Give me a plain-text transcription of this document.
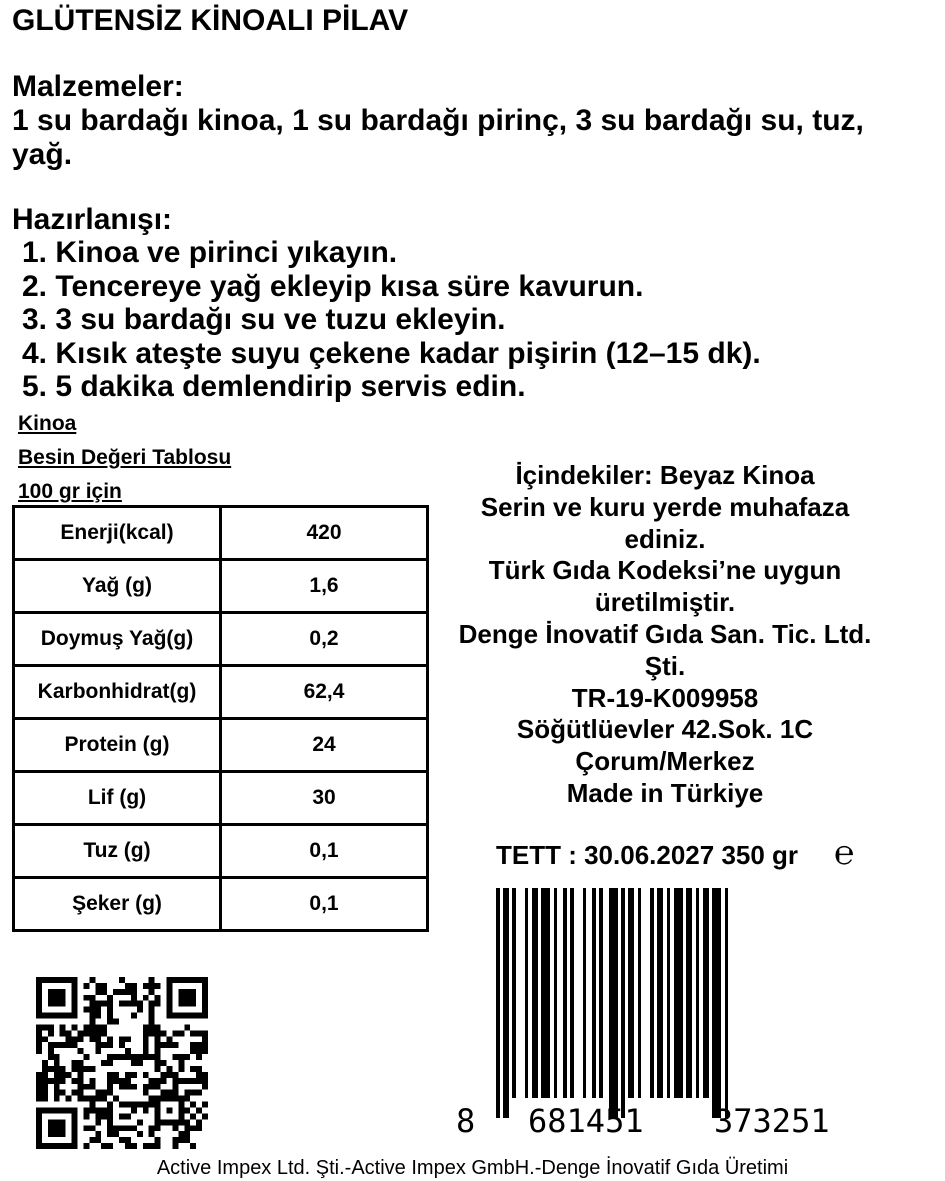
GLÜTENSİZ KİNOALI PİLAV
Malzemeler:
1 su bardağı kinoa, 1 su bardağı pirinç, 3 su bardağı su, tuz, yağ.
Hazırlanışı:
1. Kinoa ve pirinci yıkayın.
2. Tencereye yağ ekleyip kısa süre kavurun.
3. 3 su bardağı su ve tuzu ekleyin.
4. Kısık ateşte suyu çekene kadar pişirin (12–15 dk).
5. 5 dakika demlendirip servis edin.
Kinoa
Besin Değeri Tablosu
100 gr için
Enerji(kcal)	420
Yağ (g)	1,6
Doymuş Yağ(g)	0,2
Karbonhidrat(g)	62,4
Protein (g)	24
Lif (g)	30
Tuz (g)	0,1
Şeker (g)	0,1
İçindekiler: Beyaz Kinoa
Serin ve kuru yerde muhafaza
ediniz.
Türk Gıda Kodeksi’ne uygun
üretilmiştir.
Denge İnovatif Gıda San. Tic. Ltd.
Şti.
TR-19-K009958
Söğütlüevler 42.Sok. 1C
Çorum/Merkez
Made in Türkiye
TETT : 30.06.2027 350 gr ℮
8 681451 373251
Active Impex Ltd. Şti.-Active Impex GmbH.-Denge İnovatif Gıda Üretimi
